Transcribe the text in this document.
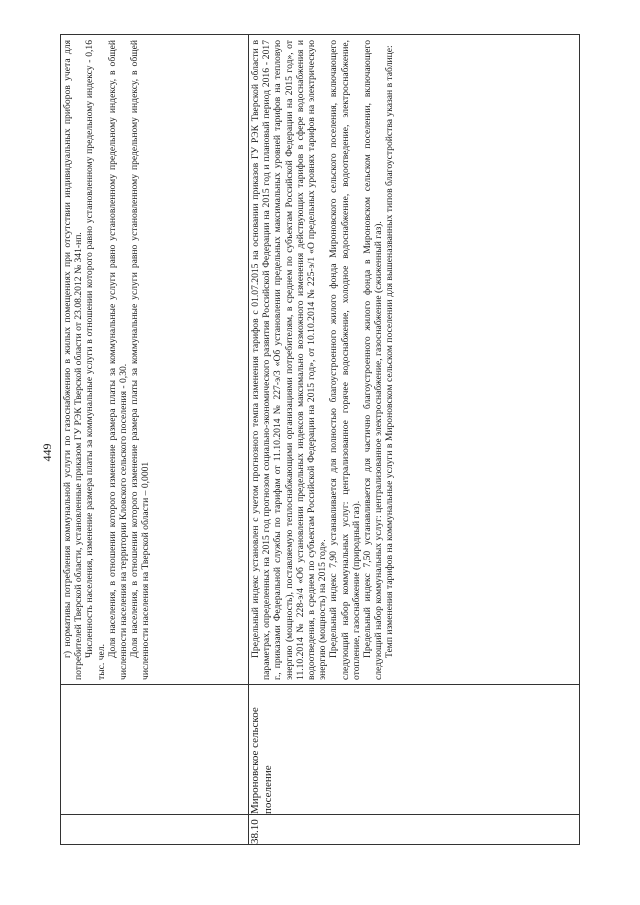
449

		г) нормативы потребления коммунальной услуги по газоснабжению в жилых помещениях при отсутствии индивидуальных приборов учета для потребителей Тверской области, установленные приказом ГУ РЭК Тверской области от 23.08.2012 № 341-нп. Численность населения, изменение размера платы за коммунальные услуги в отношении которого равно установленному предельному индексу - 0,16 тыс. чел.

Доля населения, в отношении которого изменение размера платы за коммунальные услуги равно установленному предельному индексу, в общей численности населения на территории Кловского сельского поселения - 0,30. Доля населения, в отношении которого изменение размера платы за коммунальные услуги равно установленному предельному индексу, в общей численности населения на Тверской области – 0,0001

38.10	Мироновское сельское поселение	Предельный индекс установлен с учетом прогнозного темпа изменения тарифов с 01.07.2015 на основании приказов ГУ РЭК Тверской области в параметрах, определенных на 2015 год прогнозом социально-экономического развития Российской Федерации на 2015 год и плановый период 2016 - 2017 г., приказами Федеральной службы по тарифам от 11.10.2014 № 227-э/3 «Об установлении предельных максимальных уровней тарифов на тепловую энергию (мощность), поставляемую теплоснабжающими организациями потребителям, в среднем по субъектам Российской Федерации на 2015 год», от 11.10.2014 № 228-э/4 «Об установлении предельных индексов максимально возможного изменения действующих тарифов в сфере водоснабжения и водоотведения, в среднем по субъектам Российской Федерации на 2015 год», от 10.10.2014 № 225-э/1 «О предельных уровнях тарифов на электрическую энергию (мощность) на 2015 год». Предельный индекс 7,90 устанавливается для полностью благоустроенного жилого фонда Мироновского сельского поселения, включающего следующий набор коммунальных услуг: централизованное горячее водоснабжение, холодное водоснабжение, водоотведение, электроснабжение, отопление, газоснабжение (природный газ). Предельный индекс 7,50 устанавливается для частично благоустроенного жилого фонда в Мироновском сельском поселении, включающего следующий набор коммунальных услуг: централизованное электроснабжение, газоснабжение (сжиженный газ). Темп изменения тарифов на коммунальные услуги в Мироновском сельском поселении для вышеназванных типов благоустройства указан в таблице:
